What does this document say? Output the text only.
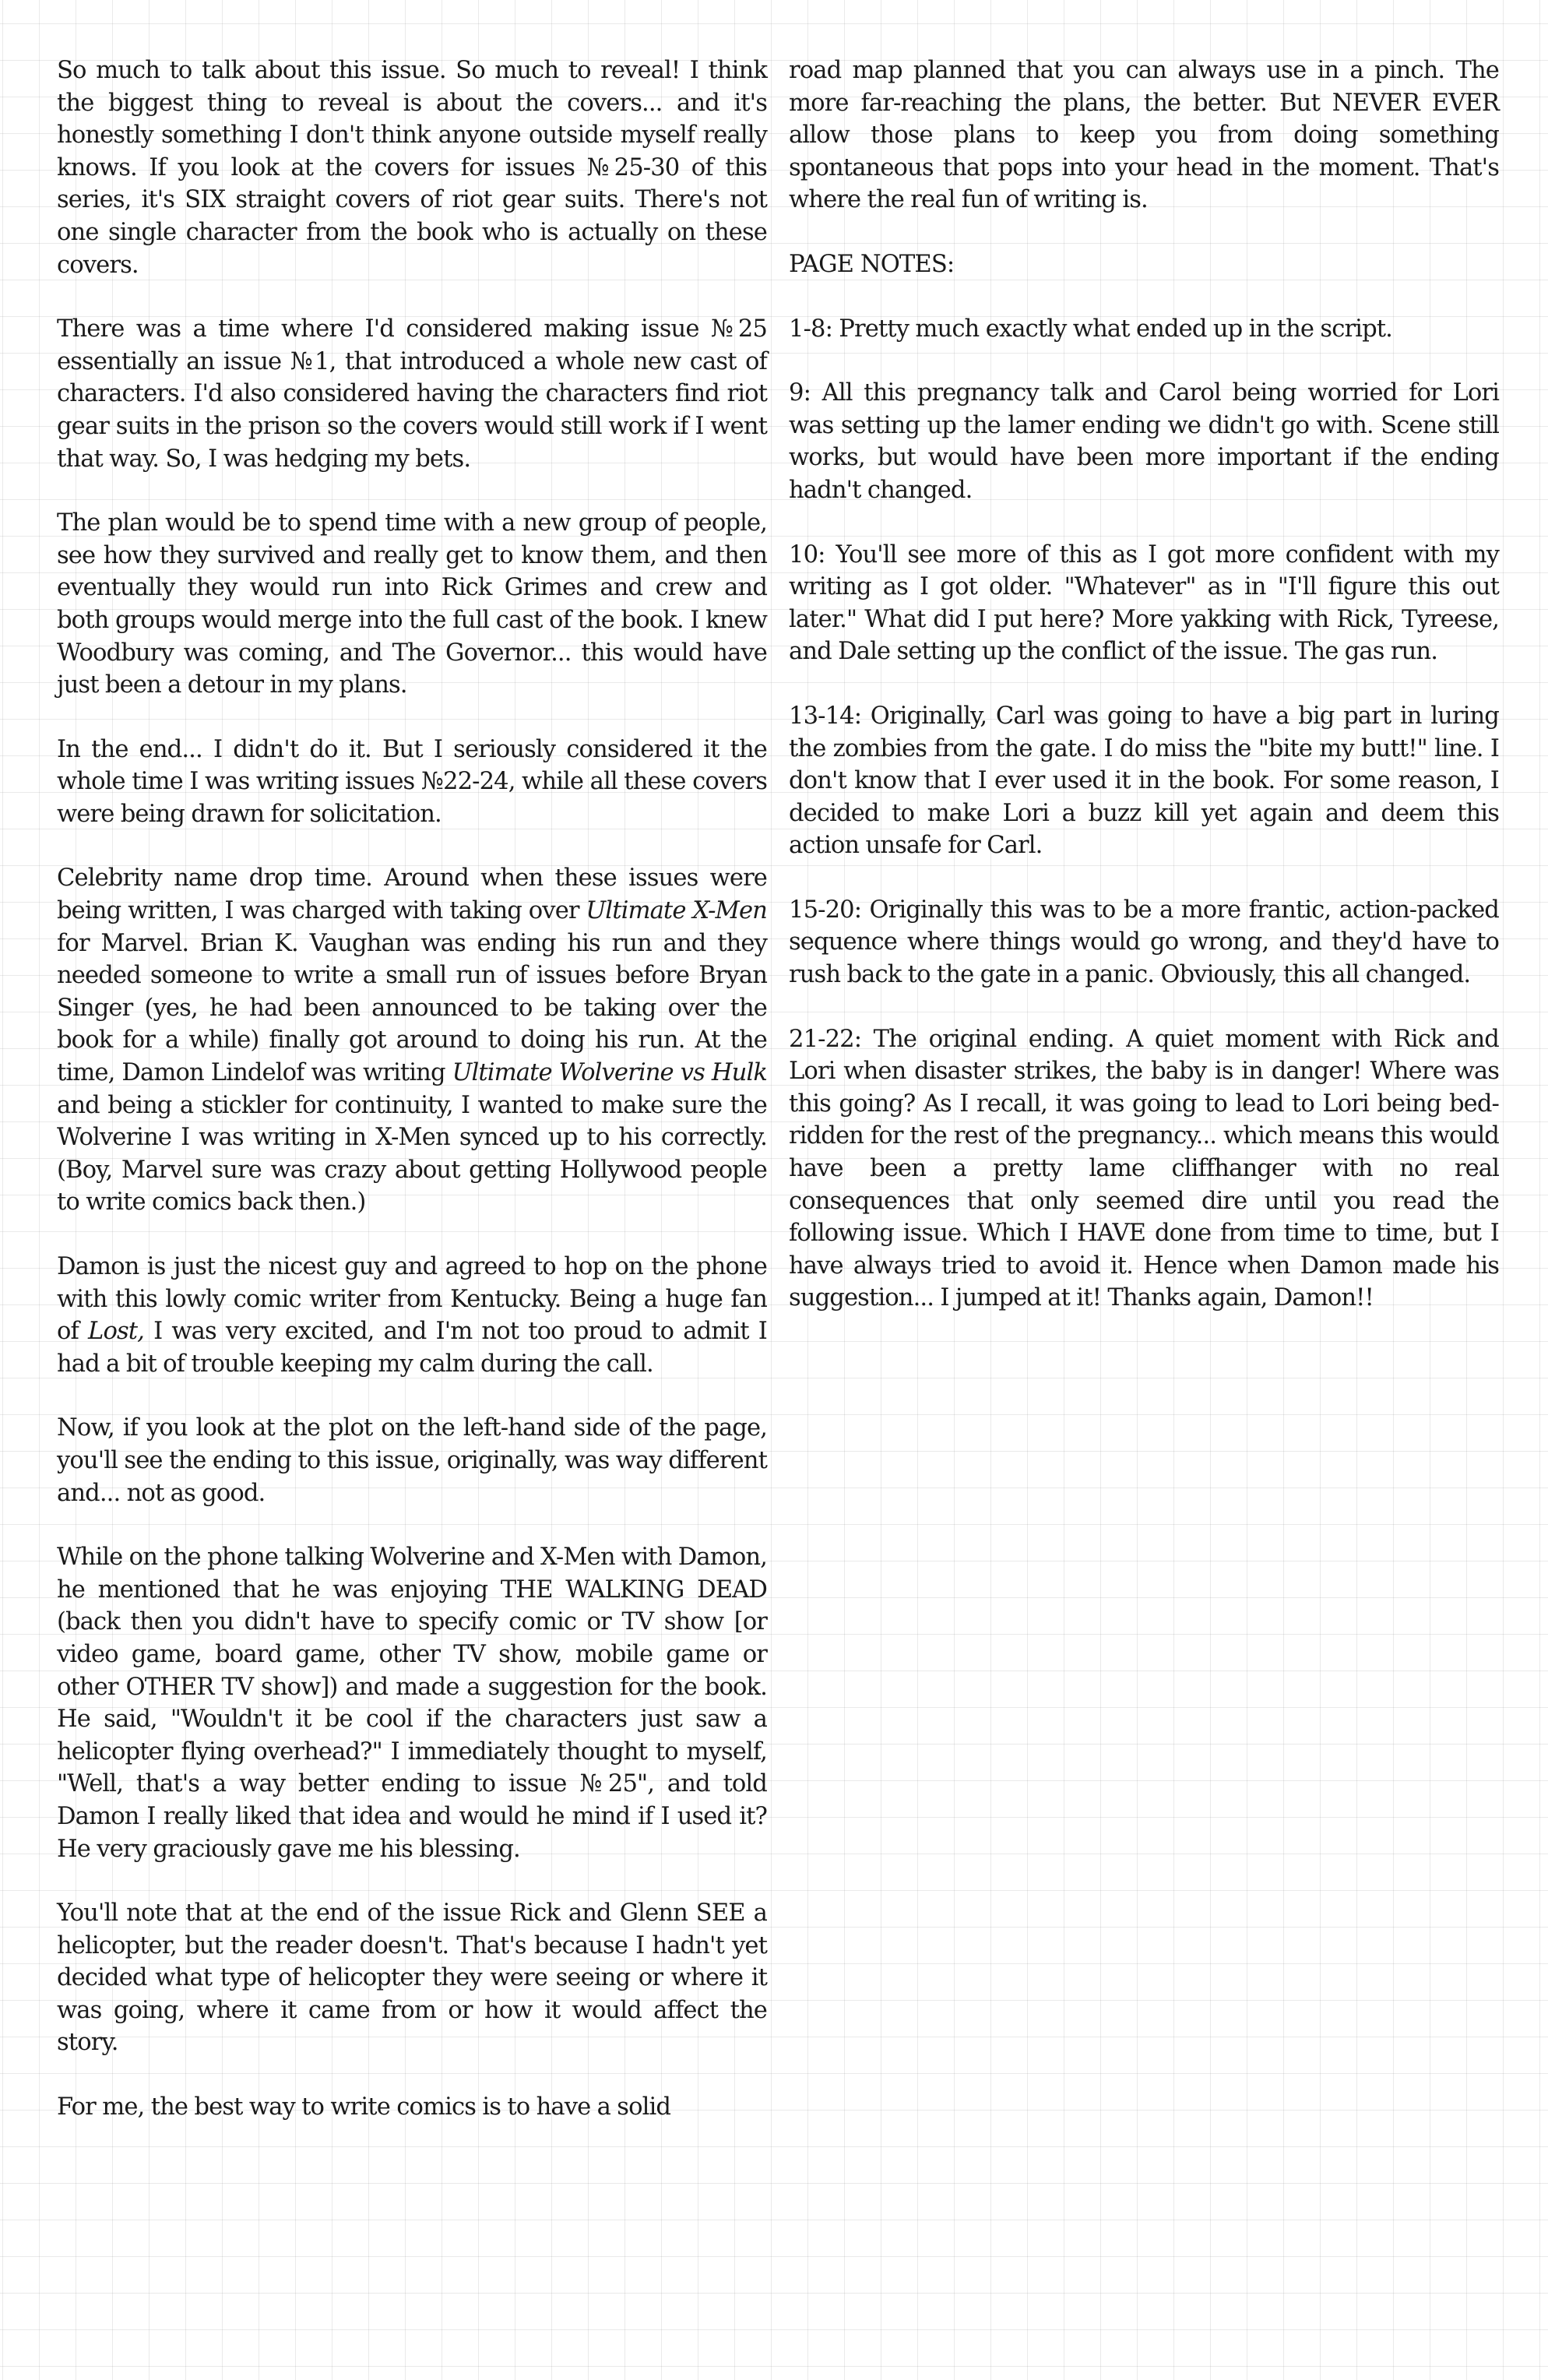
So much to talk about this issue. So much to reveal! I think the biggest thing to reveal is about the covers... and it's honestly something I don't think anyone outside myself really knows. If you look at the covers for issues №25-30 of this series, it's SIX straight covers of riot gear suits. There's not one single character from the book who is actually on these covers.

There was a time where I'd considered making issue №25 essentially an issue №1, that introduced a whole new cast of characters. I'd also considered having the characters find riot gear suits in the prison so the covers would still work if I went that way. So, I was hedging my bets.

The plan would be to spend time with a new group of people, see how they survived and really get to know them, and then eventually they would run into Rick Grimes and crew and both groups would merge into the full cast of the book. I knew Woodbury was coming, and The Governor... this would have just been a detour in my plans.

In the end... I didn't do it. But I seriously considered it the whole time I was writing issues №22-24, while all these covers were being drawn for solicitation.

Celebrity name drop time. Around when these issues were being written, I was charged with taking over Ultimate X-Men for Marvel. Brian K. Vaughan was ending his run and they needed someone to write a small run of issues before Bryan Singer (yes, he had been announced to be taking over the book for a while) finally got around to doing his run. At the time, Damon Lindelof was writing Ultimate Wolverine vs Hulk and being a stickler for continuity, I wanted to make sure the Wolverine I was writing in X-Men synced up to his correctly. (Boy, Marvel sure was crazy about getting Hollywood people to write comics back then.)

Damon is just the nicest guy and agreed to hop on the phone with this lowly comic writer from Kentucky. Being a huge fan of Lost, I was very excited, and I'm not too proud to admit I had a bit of trouble keeping my calm during the call.

Now, if you look at the plot on the left-hand side of the page, you'll see the ending to this issue, originally, was way different and... not as good.

While on the phone talking Wolverine and X-Men with Damon, he mentioned that he was enjoying THE WALKING DEAD (back then you didn't have to specify comic or TV show [or video game, board game, other TV show, mobile game or other OTHER TV show]) and made a suggestion for the book. He said, "Wouldn't it be cool if the characters just saw a helicopter flying overhead?" I immediately thought to myself, "Well, that's a way better ending to issue №25", and told Damon I really liked that idea and would he mind if I used it? He very graciously gave me his blessing.

You'll note that at the end of the issue Rick and Glenn SEE a helicopter, but the reader doesn't. That's because I hadn't yet decided what type of helicopter they were seeing or where it was going, where it came from or how it would affect the story.

For me, the best way to write comics is to have a solid

road map planned that you can always use in a pinch. The more far-reaching the plans, the better. But NEVER EVER allow those plans to keep you from doing something spontaneous that pops into your head in the moment. That's where the real fun of writing is.

PAGE NOTES:

1-8: Pretty much exactly what ended up in the script.

9: All this pregnancy talk and Carol being worried for Lori was setting up the lamer ending we didn't go with. Scene still works, but would have been more important if the ending hadn't changed.

10: You'll see more of this as I got more confident with my writing as I got older. "Whatever" as in "I'll figure this out later." What did I put here? More yakking with Rick, Tyreese, and Dale setting up the conflict of the issue. The gas run.

13-14: Originally, Carl was going to have a big part in luring the zombies from the gate. I do miss the "bite my butt!" line. I don't know that I ever used it in the book. For some reason, I decided to make Lori a buzz kill yet again and deem this action unsafe for Carl.

15-20: Originally this was to be a more frantic, action-packed sequence where things would go wrong, and they'd have to rush back to the gate in a panic. Obviously, this all changed.

21-22: The original ending. A quiet moment with Rick and Lori when disaster strikes, the baby is in danger! Where was this going? As I recall, it was going to lead to Lori being bed-ridden for the rest of the pregnancy... which means this would have been a pretty lame cliffhanger with no real consequences that only seemed dire until you read the following issue. Which I HAVE done from time to time, but I have always tried to avoid it. Hence when Damon made his suggestion... I jumped at it! Thanks again, Damon!!
